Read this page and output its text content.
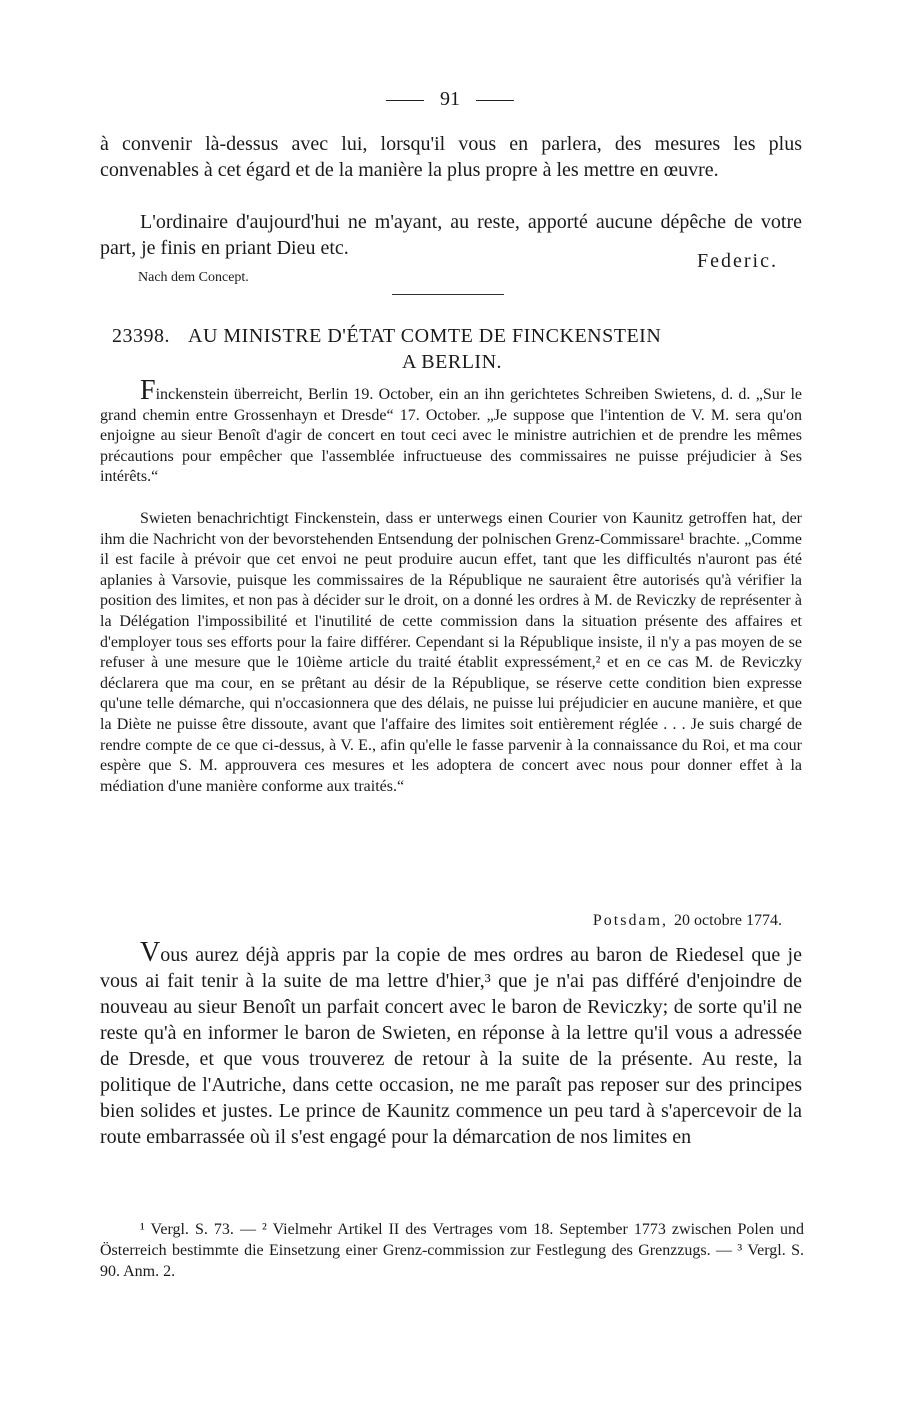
91
à convenir là-dessus avec lui, lorsqu'il vous en parlera, des mesures les plus convenables à cet égard et de la manière la plus propre à les mettre en œuvre.
L'ordinaire d'aujourd'hui ne m'ayant, au reste, apporté aucune dépêche de votre part, je finis en priant Dieu etc.
Federic.
Nach dem Concept.
23398. AU MINISTRE D'ÉTAT COMTE DE FINCKENSTEIN
A BERLIN.
Finckenstein überreicht, Berlin 19. October, ein an ihn gerichtetes Schreiben Swietens, d. d. „Sur le grand chemin entre Grossenhayn et Dresde“ 17. October. „Je suppose que l'intention de V. M. sera qu'on enjoigne au sieur Benoît d'agir de concert en tout ceci avec le ministre autrichien et de prendre les mêmes précautions pour empêcher que l'assemblée infructueuse des commissaires ne puisse préjudicier à Ses intérêts.“
Swieten benachrichtigt Finckenstein, dass er unterwegs einen Courier von Kaunitz getroffen hat, der ihm die Nachricht von der bevorstehenden Entsendung der polnischen Grenz-Commissare¹ brachte. „Comme il est facile à prévoir que cet envoi ne peut produire aucun effet, tant que les difficultés n'auront pas été aplanies à Varsovie, puisque les commissaires de la République ne sauraient être autorisés qu'à vérifier la position des limites, et non pas à décider sur le droit, on a donné les ordres à M. de Reviczky de représenter à la Délégation l'impossibilité et l'inutilité de cette commission dans la situation présente des affaires et d'employer tous ses efforts pour la faire différer. Cependant si la République insiste, il n'y a pas moyen de se refuser à une mesure que le 10ième article du traité établit expressément,² et en ce cas M. de Reviczky déclarera que ma cour, en se prêtant au désir de la République, se réserve cette condition bien expresse qu'une telle démarche, qui n'occasionnera que des délais, ne puisse lui préjudicier en aucune manière, et que la Diète ne puisse être dissoute, avant que l'affaire des limites soit entièrement réglée . . . Je suis chargé de rendre compte de ce que ci-dessus, à V. E., afin qu'elle le fasse parvenir à la connaissance du Roi, et ma cour espère que S. M. approuvera ces mesures et les adoptera de concert avec nous pour donner effet à la médiation d'une manière conforme aux traités.“
Potsdam, 20 octobre 1774.
Vous aurez déjà appris par la copie de mes ordres au baron de Riedesel que je vous ai fait tenir à la suite de ma lettre d'hier,³ que je n'ai pas différé d'enjoindre de nouveau au sieur Benoît un parfait concert avec le baron de Reviczky; de sorte qu'il ne reste qu'à en informer le baron de Swieten, en réponse à la lettre qu'il vous a adressée de Dresde, et que vous trouverez de retour à la suite de la présente. Au reste, la politique de l'Autriche, dans cette occasion, ne me paraît pas reposer sur des principes bien solides et justes. Le prince de Kaunitz commence un peu tard à s'apercevoir de la route embarrassée où il s'est engagé pour la démarcation de nos limites en
¹ Vergl. S. 73. — ² Vielmehr Artikel II des Vertrages vom 18. September 1773 zwischen Polen und Österreich bestimmte die Einsetzung einer Grenz-commission zur Festlegung des Grenzzugs. — ³ Vergl. S. 90. Anm. 2.
